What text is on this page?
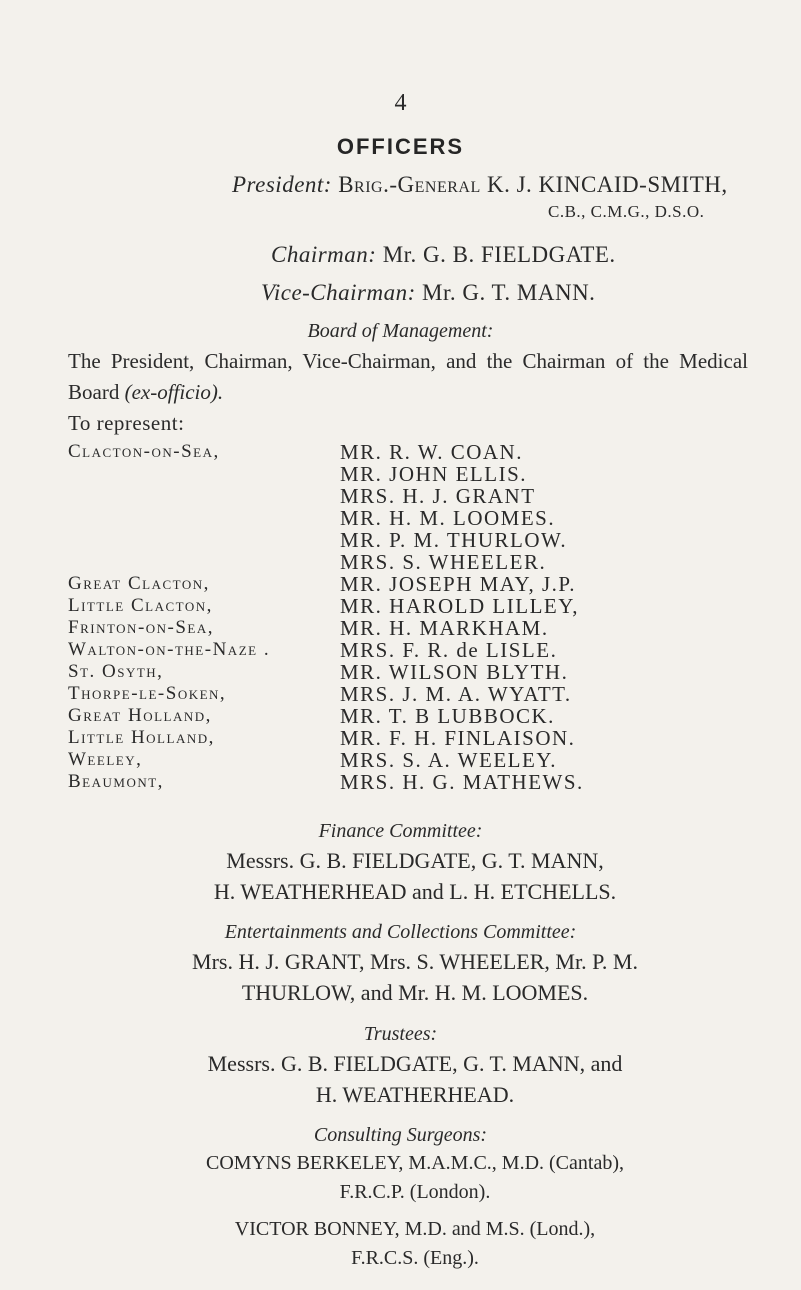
4
OFFICERS
President: Brig.-General K. J. KINCAID-SMITH,
C.B., C.M.G., D.S.O.
Chairman: Mr. G. B. FIELDGATE.
Vice-Chairman: Mr. G. T. MANN.
Board of Management:
The President, Chairman, Vice-Chairman, and the Chairman of the Medical Board (ex-officio).
To represent:
Clacton-on-Sea,
Great Clacton,
Little Clacton,
Frinton-on-Sea,
Walton-on-the-Naze .
St. Osyth,
Thorpe-le-Soken,
Great Holland,
Little Holland,
Weeley,
Beaumont,
MR. R. W. COAN.
MR. JOHN ELLIS.
MRS. H. J. GRANT
MR. H. M. LOOMES.
MR. P. M. THURLOW.
MRS. S. WHEELER.
MR. JOSEPH MAY, J.P.
MR. HAROLD LILLEY,
MR. H. MARKHAM.
MRS. F. R. de LISLE.
MR. WILSON BLYTH.
MRS. J. M. A. WYATT.
MR. T. B LUBBOCK.
MR. F. H. FINLAISON.
MRS. S. A. WEELEY.
MRS. H. G. MATHEWS.
Finance Committee:
Messrs. G. B. FIELDGATE, G. T. MANN,
H. WEATHERHEAD and L. H. ETCHELLS.
Entertainments and Collections Committee:
Mrs. H. J. GRANT, Mrs. S. WHEELER, Mr. P. M.
THURLOW, and Mr. H. M. LOOMES.
Trustees:
Messrs. G. B. FIELDGATE, G. T. MANN, and
H. WEATHERHEAD.
Consulting Surgeons:
COMYNS BERKELEY, M.A.M.C., M.D. (Cantab),
F.R.C.P. (London).
VICTOR BONNEY, M.D. and M.S. (Lond.),
F.R.C.S. (Eng.).
